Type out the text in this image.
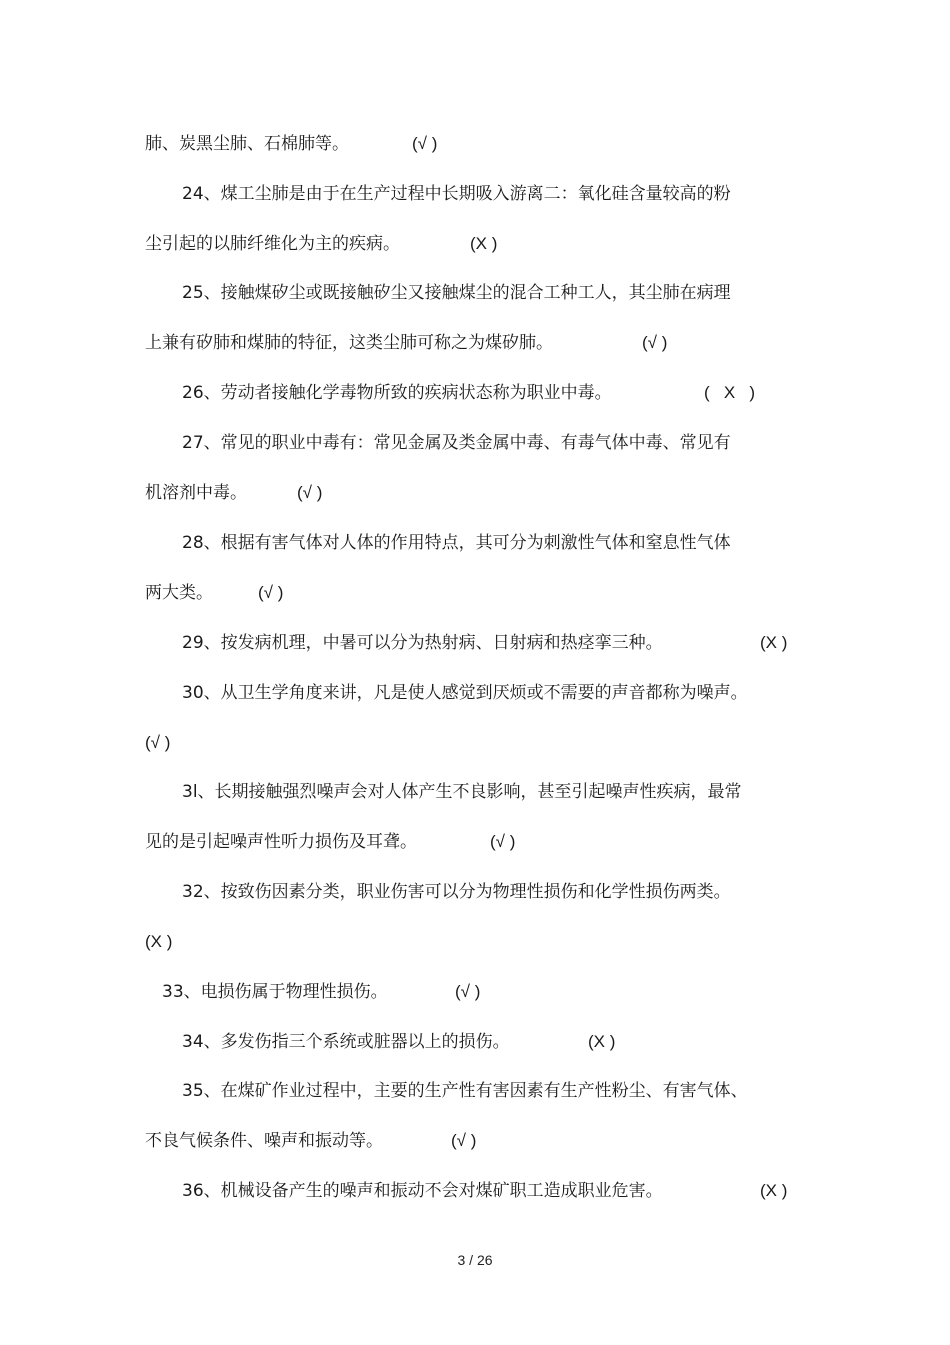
肺、炭黑尘肺、石棉肺等。	(√ )
24、煤工尘肺是由于在生产过程中长期吸入游离二：氧化硅含量较高的粉
尘引起的以肺纤维化为主的疾病。	(X )
25、接触煤矽尘或既接触矽尘又接触煤尘的混合工种工人，其尘肺在病理
上兼有矽肺和煤肺的特征，这类尘肺可称之为煤矽肺。	(√ )
26、劳动者接触化学毒物所致的疾病状态称为职业中毒。	(   X   )
27、常见的职业中毒有：常见金属及类金属中毒、有毒气体中毒、常见有
机溶剂中毒。	(√ )
28、根据有害气体对人体的作用特点，其可分为刺激性气体和窒息性气体
两大类。	(√ )
29、按发病机理，中暑可以分为热射病、日射病和热痉挛三种。	(X )
30、从卫生学角度来讲，凡是使人感觉到厌烦或不需要的声音都称为噪声。
(√ )
3l、长期接触强烈噪声会对人体产生不良影响，甚至引起噪声性疾病，最常
见的是引起噪声性听力损伤及耳聋。	(√ )
32、按致伤因素分类，职业伤害可以分为物理性损伤和化学性损伤两类。
(X )
33、电损伤属于物理性损伤。	(√ )
34、多发伤指三个系统或脏器以上的损伤。	(X )
35、在煤矿作业过程中，主要的生产性有害因素有生产性粉尘、有害气体、
不良气候条件、噪声和振动等。	(√ )
36、机械设备产生的噪声和振动不会对煤矿职工造成职业危害。	(X )
3 / 26
